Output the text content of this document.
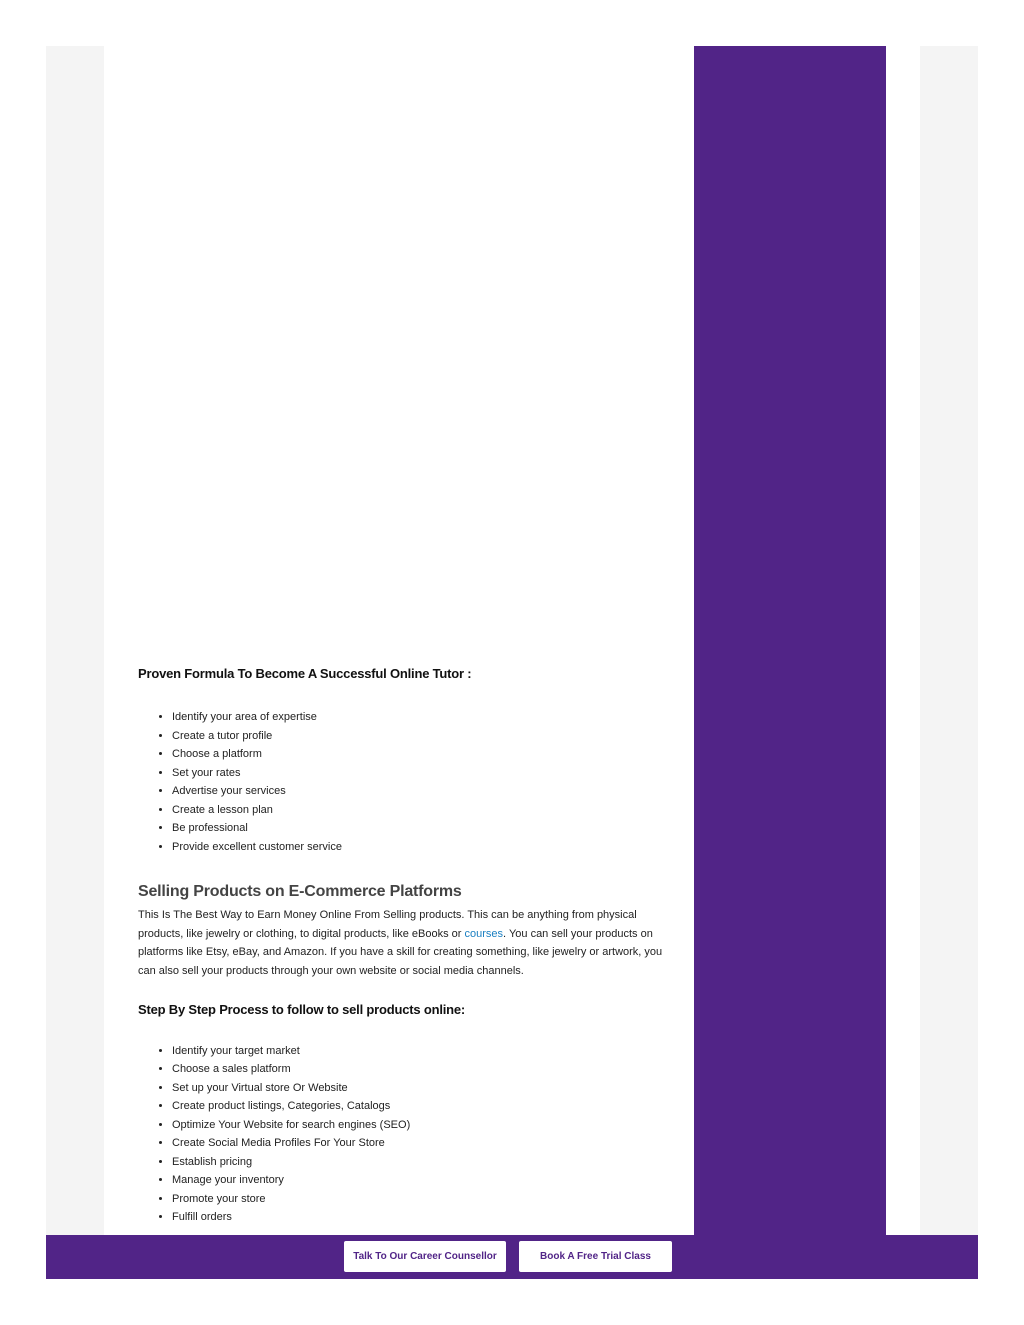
Proven Formula To Become A Successful Online Tutor :
• Identify your area of expertise
• Create a tutor profile
• Choose a platform
• Set your rates
• Advertise your services
• Create a lesson plan
• Be professional
• Provide excellent customer service
Selling Products on E-Commerce Platforms

This Is The Best Way to Earn Money Online From Selling products. This can be anything from physical products, like jewelry or clothing, to digital products, like eBooks or courses. You can sell your products on platforms like Etsy, eBay, and Amazon. If you have a skill for creating something, like jewelry or artwork, you can also sell your products through your own website or social media channels.

Step By Step Process to follow to sell products online:
• Identify your target market
• Choose a sales platform
• Set up your Virtual store Or Website
• Create product listings, Categories, Catalogs
• Optimize Your Website for search engines (SEO)
• Create Social Media Profiles For Your Store
• Establish pricing
• Manage your inventory
• Promote your store
• Fulfill orders
Talk To Our Career Counsellor	Book A Free Trial Class
